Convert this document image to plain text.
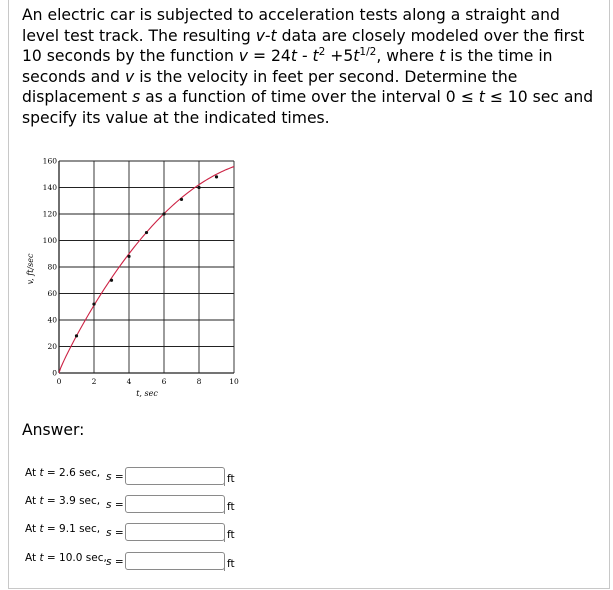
An electric car is subjected to acceleration tests along a straight and level test track. The resulting v-t data are closely modeled over the first 10 seconds by the function $v = 24t - t^2 +5t^{1/2}$, where t is the time in seconds and v is the velocity in feet per second. Determine the displacement s as a function of time over the interval 0 ≤ t ≤ 10 sec and specify its value at the indicated times.

0	2	4	6	8	10
0
20
40
60
80
100
120
140
160
t, sec
v, ft/sec
Answer:
At t = 2.6 sec, s =	ft
At t = 3.9 sec, s =	ft
At t = 9.1 sec, s =	ft
At t = 10.0 sec, s =	ft
